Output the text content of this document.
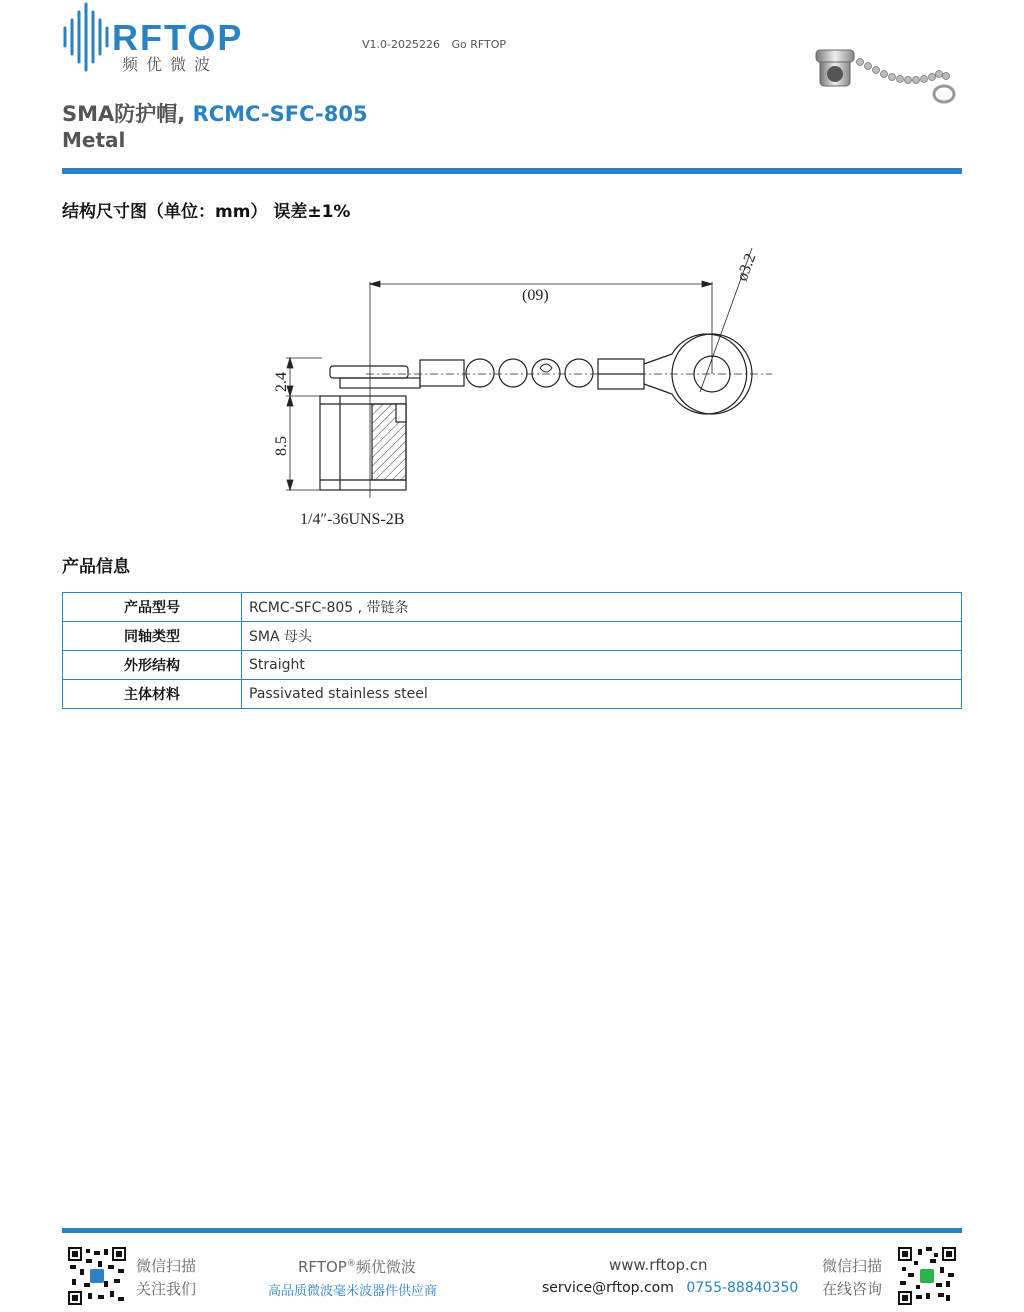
RFTOP
频优微波
V1.0-2025226 Go RFTOP
SMA防护帽, RCMC-SFC-805
Metal
结构尺寸图（单位：mm） 误差±1%
(09)
ø3.2
2.4
8.5
1/4″-36UNS-2B
产品信息
产品型号	RCMC-SFC-805 , 带链条
同轴类型	SMA 母头
外形结构	Straight
主体材料	Passivated stainless steel
微信扫描
关注我们
RFTOP®频优微波
高品质微波毫米波器件供应商
www.rftop.cn
service@rftop.com 0755-88840350
微信扫描
在线咨询
